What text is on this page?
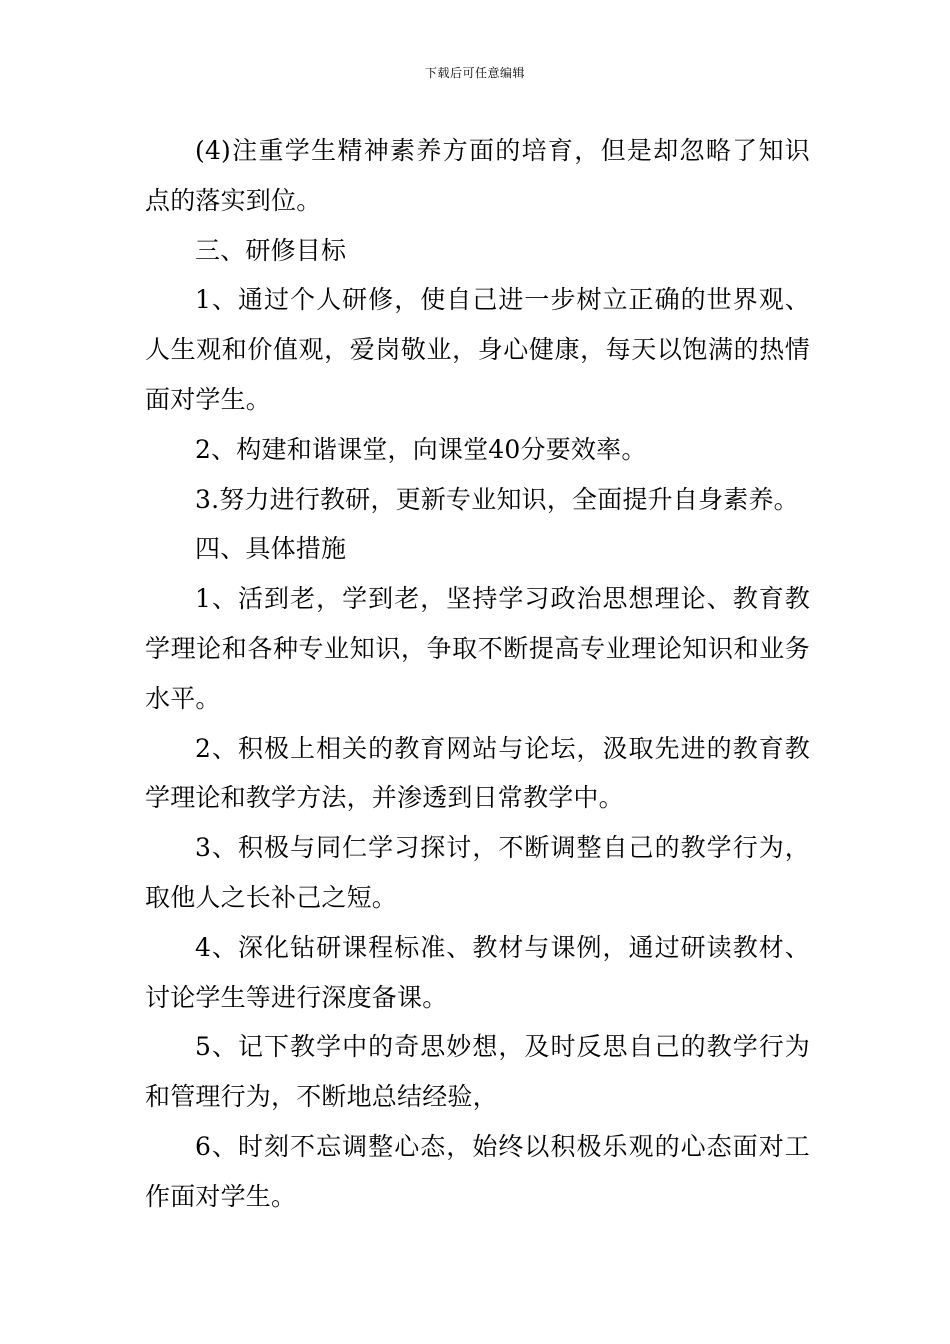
下载后可任意编辑

(4)注重学生精神素养方面的培育，但是却忽略了知识点的落实到位。

三、研修目标

1、通过个人研修，使自己进一步树立正确的世界观、人生观和价值观，爱岗敬业，身心健康，每天以饱满的热情面对学生。

2、构建和谐课堂，向课堂40分要效率。

3.努力进行教研，更新专业知识，全面提升自身素养。

四、具体措施

1、活到老，学到老，坚持学习政治思想理论、教育教学理论和各种专业知识，争取不断提高专业理论知识和业务水平。

2、积极上相关的教育网站与论坛，汲取先进的教育教学理论和教学方法，并渗透到日常教学中。

3、积极与同仁学习探讨，不断调整自己的教学行为，取他人之长补己之短。

4、深化钻研课程标准、教材与课例，通过研读教材、讨论学生等进行深度备课。

5、记下教学中的奇思妙想，及时反思自己的教学行为和管理行为，不断地总结经验，

6、时刻不忘调整心态，始终以积极乐观的心态面对工作面对学生。
